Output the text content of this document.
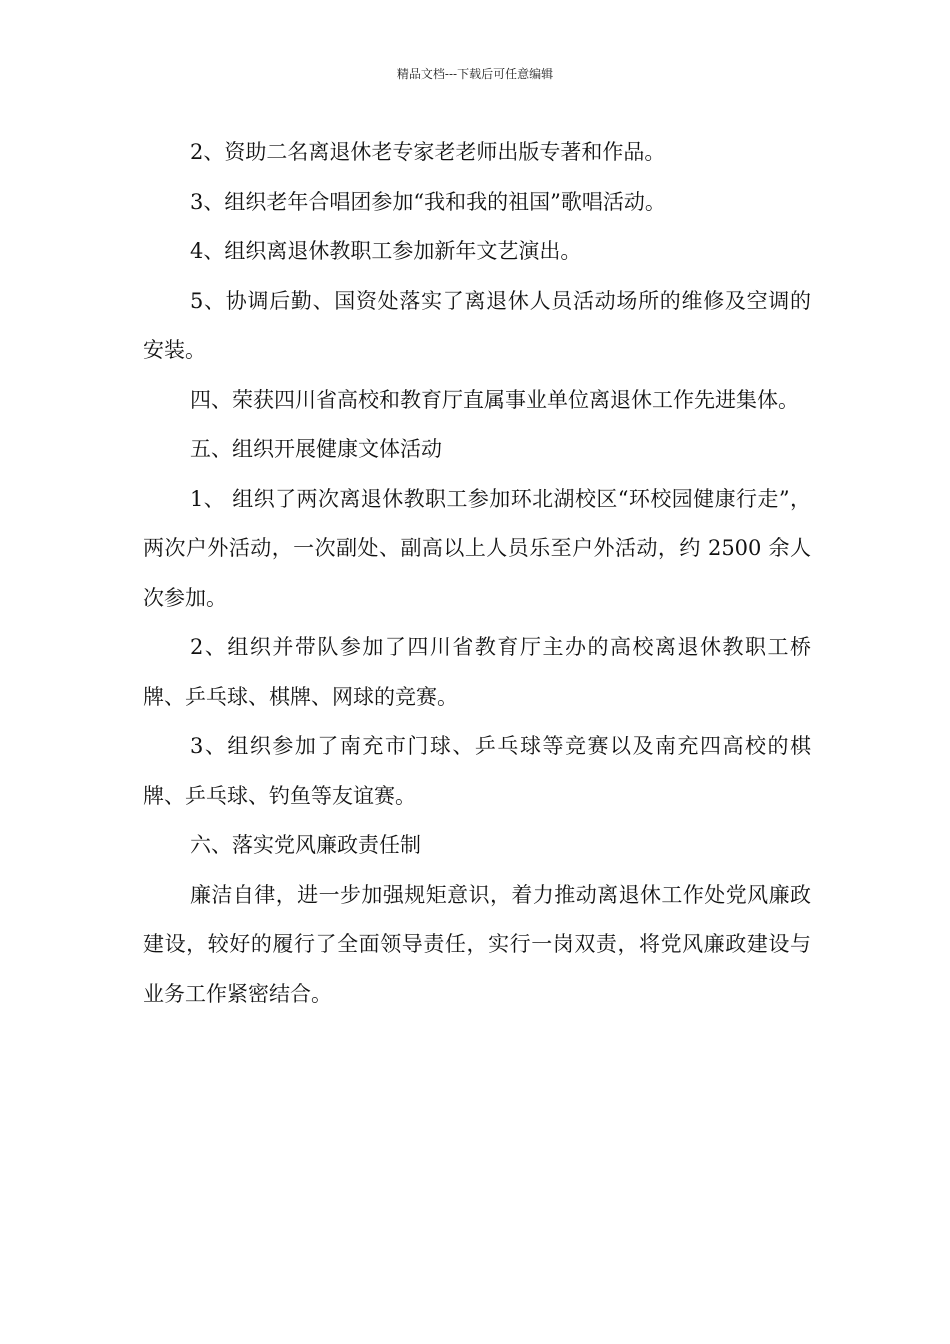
精品文档---下载后可任意编辑

2、资助二名离退休老专家老老师出版专著和作品。

3、组织老年合唱团参加“我和我的祖国”歌唱活动。

4、组织离退休教职工参加新年文艺演出。

5、协调后勤、国资处落实了离退休人员活动场所的维修及空调的安装。

四、荣获四川省高校和教育厅直属事业单位离退休工作先进集体。

五、组织开展健康文体活动

1、 组织了两次离退休教职工参加环北湖校区“环校园健康行走”，两次户外活动，一次副处、副高以上人员乐至户外活动，约 2500 余人次参加。

2、组织并带队参加了四川省教育厅主办的高校离退休教职工桥牌、乒乓球、棋牌、网球的竞赛。

3、组织参加了南充市门球、乒乓球等竞赛以及南充四高校的棋牌、乒乓球、钓鱼等友谊赛。

六、落实党风廉政责任制

廉洁自律，进一步加强规矩意识，着力推动离退休工作处党风廉政建设，较好的履行了全面领导责任，实行一岗双责，将党风廉政建设与业务工作紧密结合。
